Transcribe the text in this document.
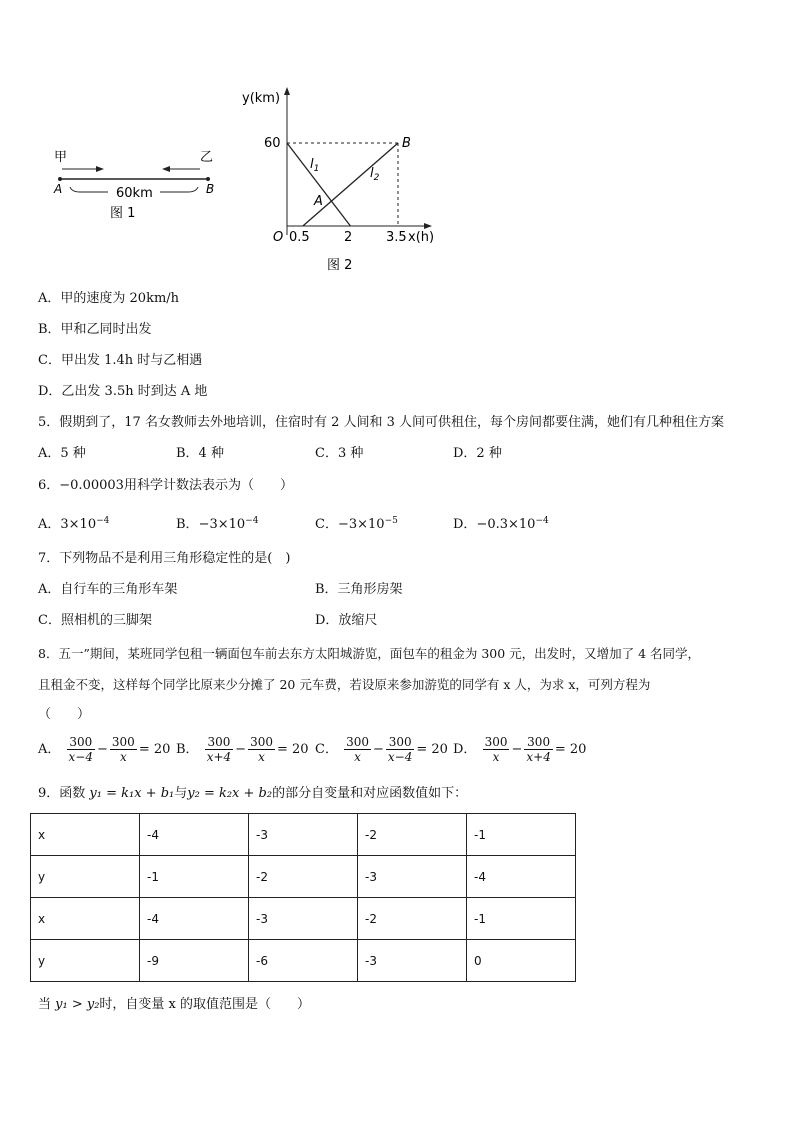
甲	乙
A	B
60km
图 1
y(km)
60
O 0.5	2	3.5 x(h)
$l_1$	$l_2$
A
B
图 2
A．甲的速度为 20km/h
B．甲和乙同时出发
C．甲出发 1.4h 时与乙相遇
D．乙出发 3.5h 时到达 A 地
5．假期到了，17 名女教师去外地培训，住宿时有 2 人间和 3 人间可供租住，每个房间都要住满，她们有几种租住方案
A．5 种	B．4 种	C．3 种	D．2 种
6．−0.00003用科学计数法表示为（　　）
A．$3\times 10^{-4}$	B．$-3\times 10^{-4}$	C．$-3\times 10^{-5}$	D．$-0.3\times 10^{-4}$
7．下列物品不是利用三角形稳定性的是(　)
A．自行车的三角形车架	B．三角形房架
C．照相机的三脚架	D．放缩尺
8．五一”期间，某班同学包租一辆面包车前去东方太阳城游览，面包车的租金为 300 元，出发时，又增加了 4 名同学，
且租金不变，这样每个同学比原来少分摊了 20 元车费，若设原来参加游览的同学有 x 人，为求 x，可列方程为
（　　）
A． $\frac{300}{x-4} - \frac{300}{x} = 20$ B． $\frac{300}{x+4} - \frac{300}{x} = 20$ C． $\frac{300}{x} - \frac{300}{x-4} = 20$ D． $\frac{300}{x} - \frac{300}{x+4} = 20$
9．函数 y₁ = k₁x + b₁与y₂ = k₂x + b₂的部分自变量和对应函数值如下：
x	-4	-3	-2	-1
y	-1	-2	-3	-4
x	-4	-3	-2	-1
y	-9	-6	-3	0
当 y₁ > y₂时，自变量 x 的取值范围是（　　）
